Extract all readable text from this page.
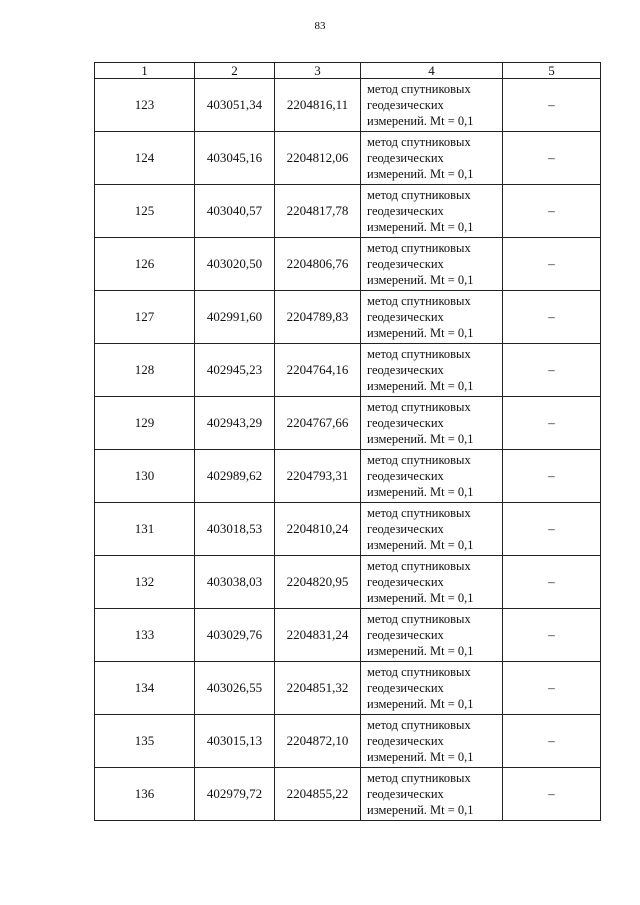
83
1	2	3	4	5
123	403051,34	2204816,11	метод спутниковых
геодезических
измерений. Mt = 0,1	–
124	403045,16	2204812,06	метод спутниковых
геодезических
измерений. Mt = 0,1	–
125	403040,57	2204817,78	метод спутниковых
геодезических
измерений. Mt = 0,1	–
126	403020,50	2204806,76	метод спутниковых
геодезических
измерений. Mt = 0,1	–
127	402991,60	2204789,83	метод спутниковых
геодезических
измерений. Mt = 0,1	–
128	402945,23	2204764,16	метод спутниковых
геодезических
измерений. Mt = 0,1	–
129	402943,29	2204767,66	метод спутниковых
геодезических
измерений. Mt = 0,1	–
130	402989,62	2204793,31	метод спутниковых
геодезических
измерений. Mt = 0,1	–
131	403018,53	2204810,24	метод спутниковых
геодезических
измерений. Mt = 0,1	–
132	403038,03	2204820,95	метод спутниковых
геодезических
измерений. Mt = 0,1	–
133	403029,76	2204831,24	метод спутниковых
геодезических
измерений. Mt = 0,1	–
134	403026,55	2204851,32	метод спутниковых
геодезических
измерений. Mt = 0,1	–
135	403015,13	2204872,10	метод спутниковых
геодезических
измерений. Mt = 0,1	–
136	402979,72	2204855,22	метод спутниковых
геодезических
измерений. Mt = 0,1	–
